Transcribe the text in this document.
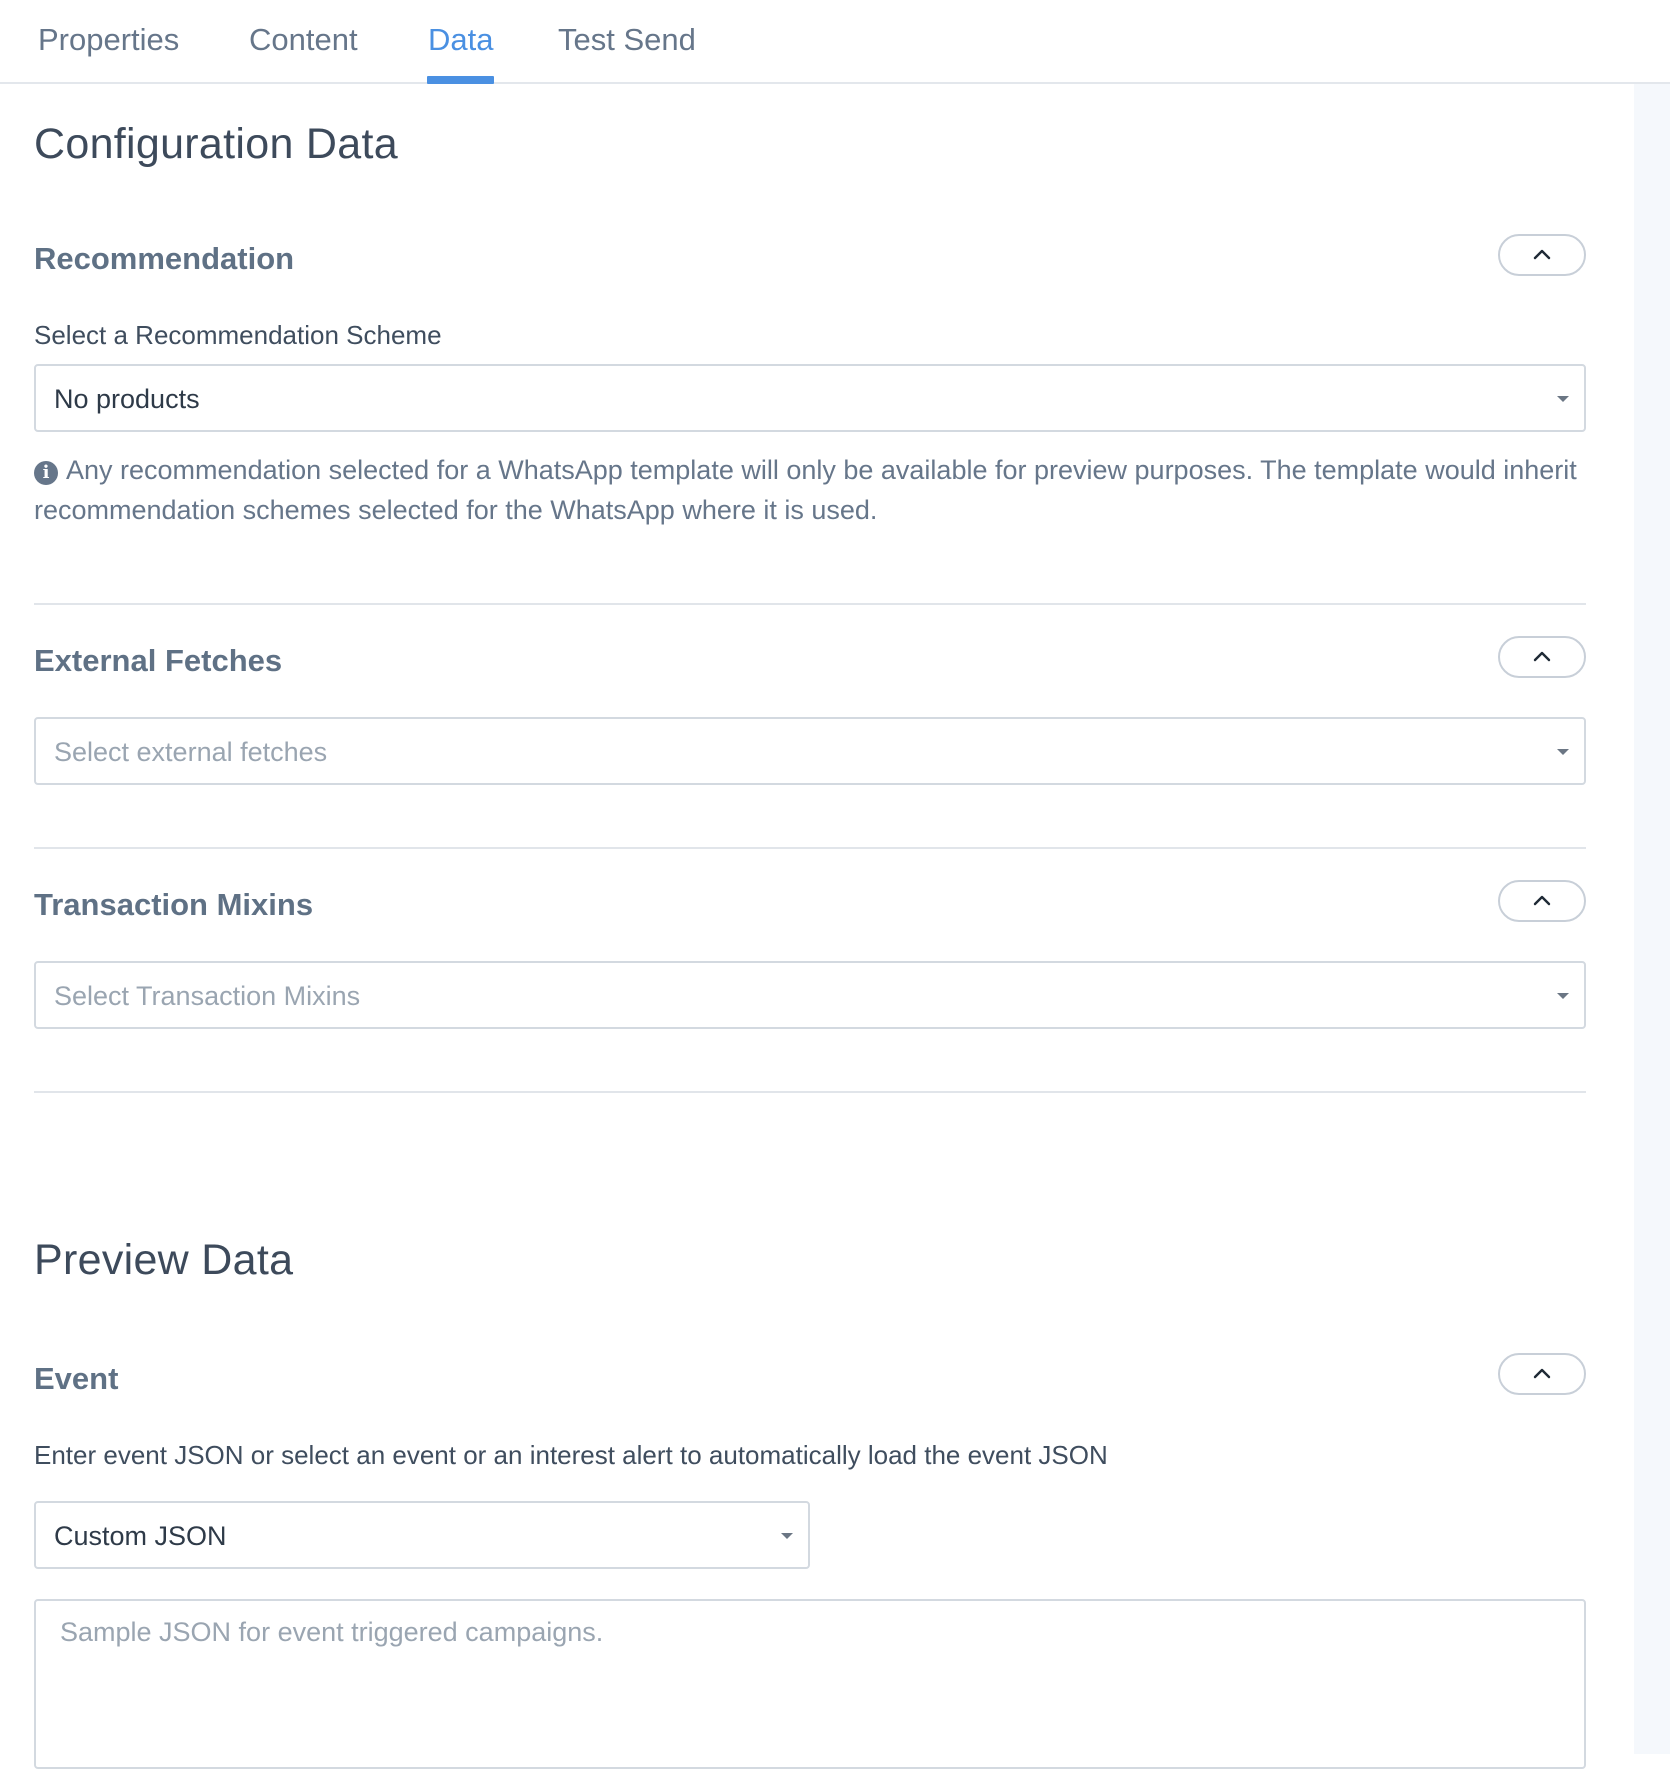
Properties Content Data Test Send
Configuration Data
Recommendation
Select a Recommendation Scheme
No products
i Any recommendation selected for a WhatsApp template will only be available for preview purposes. The template would inherit recommendation schemes selected for the WhatsApp where it is used.
External Fetches
Select external fetches
Transaction Mixins
Select Transaction Mixins
Preview Data
Event
Enter event JSON or select an event or an interest alert to automatically load the event JSON
Custom JSON
Sample JSON for event triggered campaigns.
